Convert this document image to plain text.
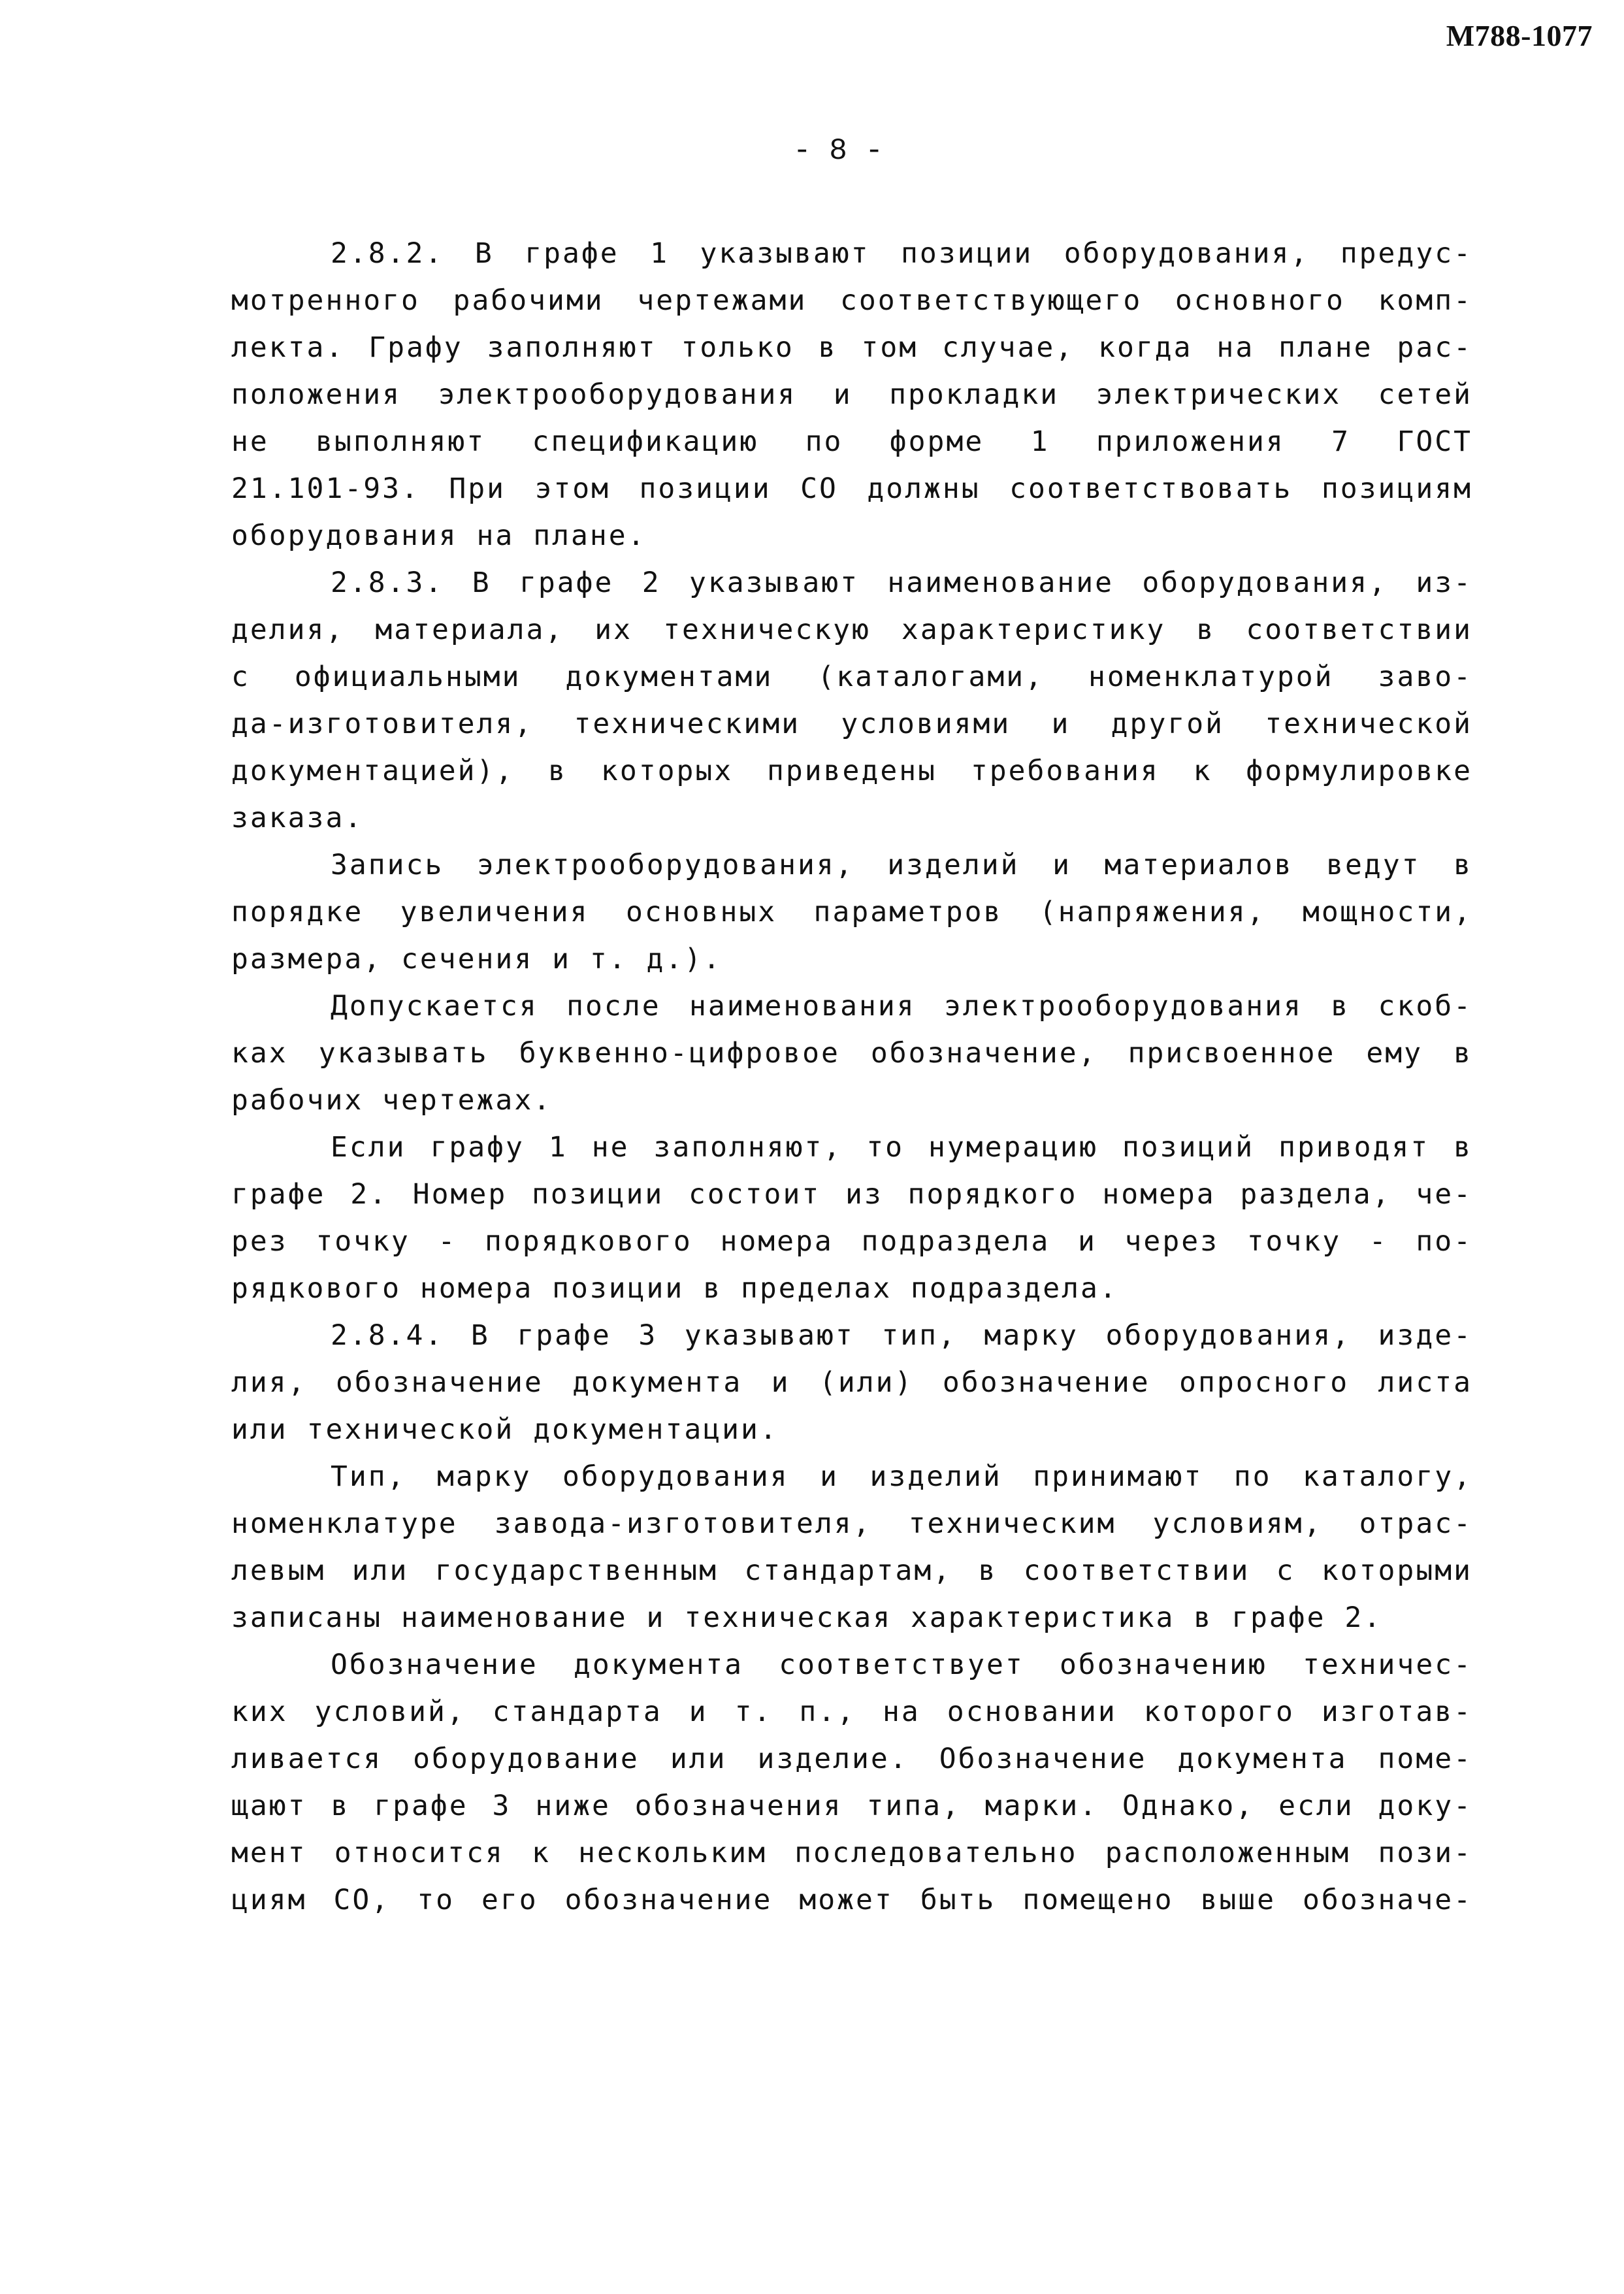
М788-1077
- 8 -
2.8.2. В графе 1 указывают позиции оборудования, предус-
мотренного рабочими чертежами соответствующего основного комп-
лекта. Графу заполняют только в том случае, когда на плане рас-
положения электрооборудования и прокладки электрических сетей
не выполняют спецификацию по форме 1 приложения 7 ГОСТ
21.101-93. При этом позиции СО должны соответствовать позициям
оборудования на плане.
2.8.3. В графе 2 указывают наименование оборудования, из-
делия, материала, их техническую характеристику в соответствии
с официальными документами (каталогами, номенклатурой заво-
да-изготовителя, техническими условиями и другой технической
документацией), в которых приведены требования к формулировке
заказа.
Запись электрооборудования, изделий и материалов ведут в
порядке увеличения основных параметров (напряжения, мощности,
размера, сечения и т. д.).
Допускается после наименования электрооборудования в скоб-
ках указывать буквенно-цифровое обозначение, присвоенное ему в
рабочих чертежах.
Если графу 1 не заполняют, то нумерацию позиций приводят в
графе 2. Номер позиции состоит из порядкого номера раздела, че-
рез точку - порядкового номера подраздела и через точку - по-
рядкового номера позиции в пределах подраздела.
2.8.4. В графе 3 указывают тип, марку оборудования, изде-
лия, обозначение документа и (или) обозначение опросного листа
или технической документации.
Тип, марку оборудования и изделий принимают по каталогу,
номенклатуре завода-изготовителя, техническим условиям, отрас-
левым или государственным стандартам, в соответствии с которыми
записаны наименование и техническая характеристика в графе 2.
Обозначение документа соответствует обозначению техничес-
ких условий, стандарта и т. п., на основании которого изготав-
ливается оборудование или изделие. Обозначение документа поме-
щают в графе 3 ниже обозначения типа, марки. Однако, если доку-
мент относится к нескольким последовательно расположенным пози-
циям СО, то его обозначение может быть помещено выше обозначе-
